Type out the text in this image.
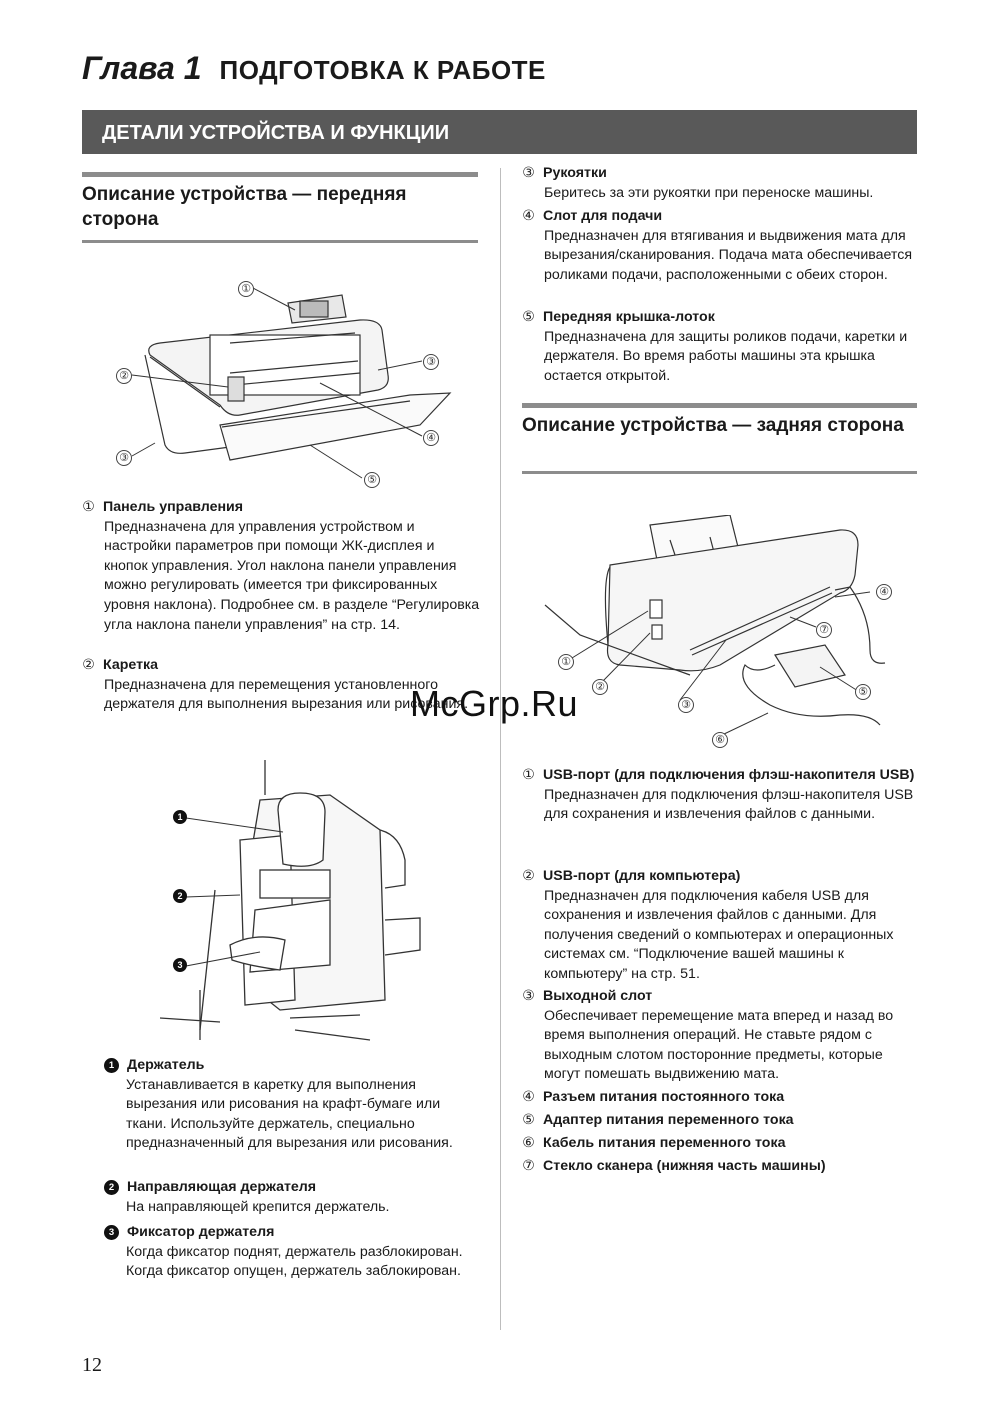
Глава 1 ПОДГОТОВКА К РАБОТЕ
ДЕТАЛИ УСТРОЙСТВА И ФУНКЦИИ
Описание устройства — передняя сторона
①
②
③
③
④
⑤
① Панель управления
Предназначена для управления устройством и настройки параметров при помощи ЖК-дисплея и кнопок управления. Угол наклона панели управления можно регулировать (имеется три фиксированных уровня наклона). Подробнее см. в разделе “Регулировка угла наклона панели управления” на стр. 14.
② Каретка
Предназначена для перемещения установленного держателя для выполнения вырезания или рисования.
1
2
3
1 Держатель
Устанавливается в каретку для выполнения вырезания или рисования на крафт-бумаге или ткани. Используйте держатель, специально предназначенный для вырезания или рисования.
2 Направляющая держателя
На направляющей крепится держатель.
3 Фиксатор держателя
Когда фиксатор поднят, держатель разблокирован. Когда фиксатор опущен, держатель заблокирован.
③ Рукоятки
Беритесь за эти рукоятки при переноске машины.
④ Слот для подачи
Предназначен для втягивания и выдвижения мата для вырезания/сканирования. Подача мата обеспечивается роликами подачи, расположенными с обеих сторон.
⑤ Передняя крышка-лоток
Предназначена для защиты роликов подачи, каретки и держателя. Во время работы машины эта крышка остается открытой.
Описание устройства — задняя сторона
①
②
③
④
⑤
⑥
⑦
① USB-порт (для подключения флэш-накопителя USB)
Предназначен для подключения флэш-накопителя USB для сохранения и извлечения файлов с данными.
② USB-порт (для компьютера)
Предназначен для подключения кабеля USB для сохранения и извлечения файлов с данными. Для получения сведений о компьютерах и операционных системах см. “Подключение вашей машины к компьютеру” на стр. 51.
③ Выходной слот
Обеспечивает перемещение мата вперед и назад во время выполнения операций. Не ставьте рядом с выходным слотом посторонние предметы, которые могут помешать выдвижению мата.
④ Разъем питания постоянного тока
⑤ Адаптер питания переменного тока
⑥ Кабель питания переменного тока
⑦ Стекло сканера (нижняя часть машины)
McGrp.Ru
12
